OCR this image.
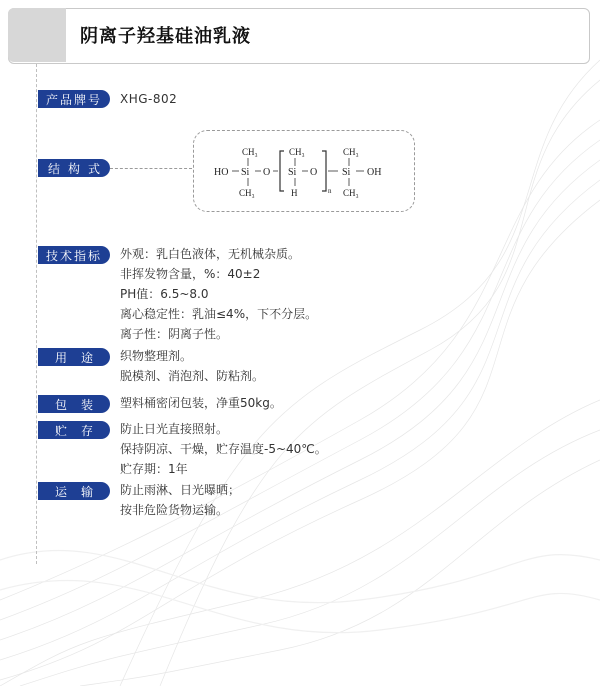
阴离子羟基硅油乳液
产品牌号 XHG-802
结构式
CH₃
HO Si O
CH₃
CH₃
Si O
H	n
CH₃
Si OH
CH₃
技术指标 外观：乳白色液体，无机械杂质。
非挥发物含量，%：40±2
PH值：6.5~8.0
离心稳定性：乳油≤4%，下不分层。
离子性：阴离子性。
用途 织物整理剂。
脱模剂、消泡剂、防粘剂。
包装 塑料桶密闭包装，净重50kg。
贮存 防止日光直接照射。
保持阴凉、干燥，贮存温度-5~40℃。
贮存期：1年
运输 防止雨淋、日光曝晒；
按非危险货物运输。
